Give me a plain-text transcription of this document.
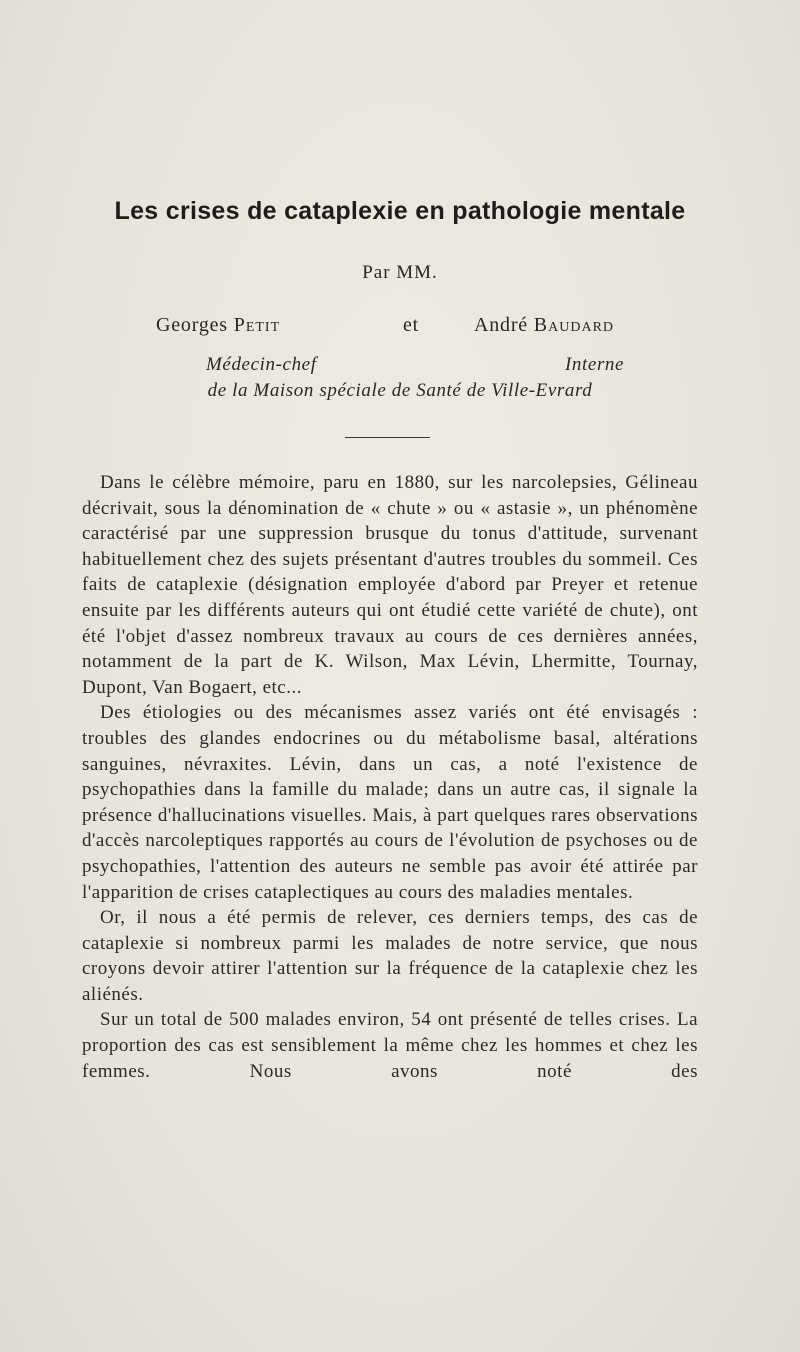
Les crises de cataplexie en pathologie mentale
Par MM.
Georges Petit	et	André Baudard
Médecin-chef	Interne
de la Maison spéciale de Santé de Ville-Evrard

Dans le célèbre mémoire, paru en 1880, sur les narcolepsies, Gélineau décrivait, sous la dénomination de « chute » ou « astasie », un phénomène caractérisé par une suppression brusque du tonus d'attitude, survenant habituellement chez des sujets présentant d'autres troubles du sommeil. Ces faits de cataplexie (désignation employée d'abord par Preyer et retenue ensuite par les différents auteurs qui ont étudié cette variété de chute), ont été l'objet d'assez nombreux travaux au cours de ces dernières années, notamment de la part de K. Wilson, Max Lévin, Lhermitte, Tournay, Dupont, Van Bogaert, etc...

Des étiologies ou des mécanismes assez variés ont été envisagés : troubles des glandes endocrines ou du métabolisme basal, altérations sanguines, névraxites. Lévin, dans un cas, a noté l'existence de psychopathies dans la famille du malade; dans un autre cas, il signale la présence d'hallucinations visuelles. Mais, à part quelques rares observations d'accès narcoleptiques rapportés au cours de l'évolution de psychoses ou de psychopathies, l'attention des auteurs ne semble pas avoir été attirée par l'apparition de crises cataplectiques au cours des maladies mentales.

Or, il nous a été permis de relever, ces derniers temps, des cas de cataplexie si nombreux parmi les malades de notre service, que nous croyons devoir attirer l'attention sur la fréquence de la cataplexie chez les aliénés.

Sur un total de 500 malades environ, 54 ont présenté de telles crises. La proportion des cas est sensiblement la même chez les hommes et chez les femmes. Nous avons noté des
